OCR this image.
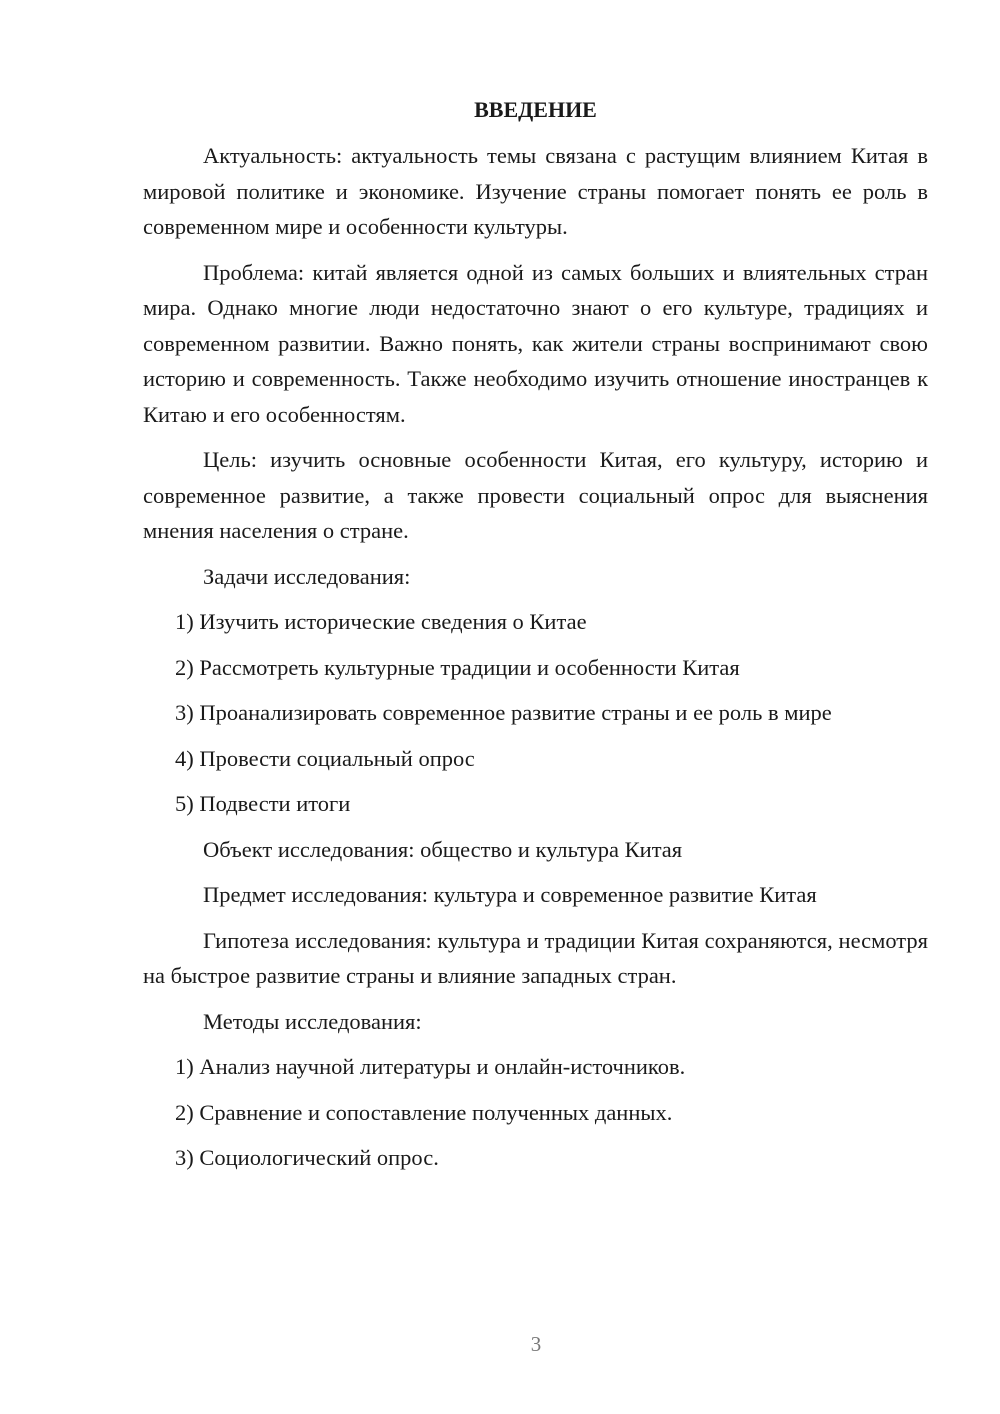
ВВЕДЕНИЕ

Актуальность: актуальность темы связана с растущим влиянием Китая в мировой политике и экономике. Изучение страны помогает понять ее роль в современном мире и особенности культуры.

Проблема: китай является одной из самых больших и влиятельных стран мира. Однако многие люди недостаточно знают о его культуре, традициях и современном развитии. Важно понять, как жители страны воспринимают свою историю и современность. Также необходимо изучить отношение иностранцев к Китаю и его особенностям.

Цель: изучить основные особенности Китая, его культуру, историю и современное развитие, а также провести социальный опрос для выяснения мнения населения о стране.

Задачи исследования:
1) Изучить исторические сведения о Китае
2) Рассмотреть культурные традиции и особенности Китая
3) Проанализировать современное развитие страны и ее роль в мире
4) Провести социальный опрос
5) Подвести итоги
Объект исследования: общество и культура Китая
Предмет исследования: культура и современное развитие Китая

Гипотеза исследования: культура и традиции Китая сохраняются, несмотря на быстрое развитие страны и влияние западных стран.

Методы исследования:
1) Анализ научной литературы и онлайн-источников.
2) Сравнение и сопоставление полученных данных.
3) Социологический опрос.
3
